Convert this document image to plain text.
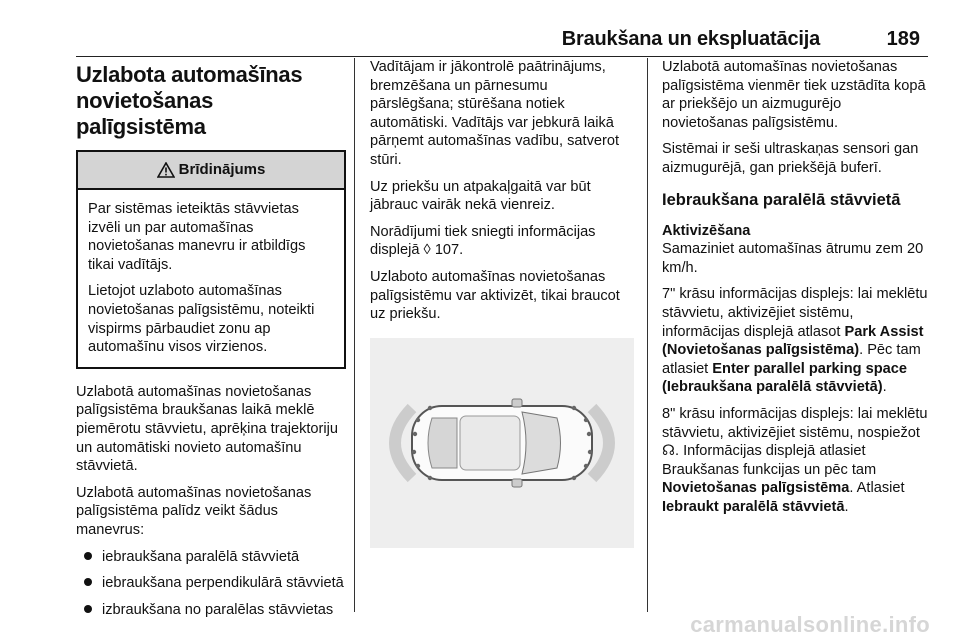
Braukšana un ekspluatācija	189
Uzlabota automašīnas
novietošanas palīgsistēma
Brīdinājums

Par sistēmas ieteiktās stāvvietas izvēli un par automašīnas novietošanas manevru ir atbildīgs tikai vadītājs.

Lietojot uzlaboto automašīnas novietošanas palīgsistēmu, noteikti vispirms pārbaudiet zonu ap automašīnu visos virzienos.

Uzlabotā automašīnas novietošanas palīgsistēma braukšanas laikā meklē piemērotu stāvvietu, aprēķina trajektoriju un automātiski novieto automašīnu stāvvietā.

Uzlabotā automašīnas novietošanas palīgsistēma palīdz veikt šādus manevrus:

iebraukšana paralēlā stāvvietā
iebraukšana perpendikulārā stāvvietā
izbraukšana no paralēlas stāvvietas

Vadītājam ir jākontrolē paātrinājums, bremzēšana un pārnesumu pārslēgšana; stūrēšana notiek automātiski. Vadītājs var jebkurā laikā pārņemt automašīnas vadību, satverot stūri.

Uz priekšu un atpakaļgaitā var būt jābrauc vairāk nekā vienreiz.

Norādījumi tiek sniegti informācijas displejā ◊ 107.

Uzlaboto automašīnas novietošanas palīgsistēmu var aktivizēt, tikai braucot uz priekšu.

Uzlabotā automašīnas novietošanas palīgsistēma vienmēr tiek uzstādīta kopā ar priekšējo un aizmugurējo novietošanas palīgsistēmu.

Sistēmai ir seši ultraskaņas sensori gan aizmugurējā, gan priekšējā buferī.

Iebraukšana paralēlā stāvvietā

Aktivizēšana
Samaziniet automašīnas ātrumu zem 20 km/h.

7" krāsu informācijas displejs: lai meklētu stāvvietu, aktivizējiet sistēmu, informācijas displejā atlasot Park Assist (Novietošanas palīgsistēma). Pēc tam atlasiet Enter parallel parking space (Iebraukšana paralēlā stāvvietā).

8" krāsu informācijas displejs: lai meklētu stāvvietu, aktivizējiet sistēmu, nospiežot ☊. Informācijas displejā atlasiet Braukšanas funkcijas un pēc tam Novietošanas palīgsistēma. Atlasiet Iebraukt paralēlā stāvvietā.

carmanualsonline.info
